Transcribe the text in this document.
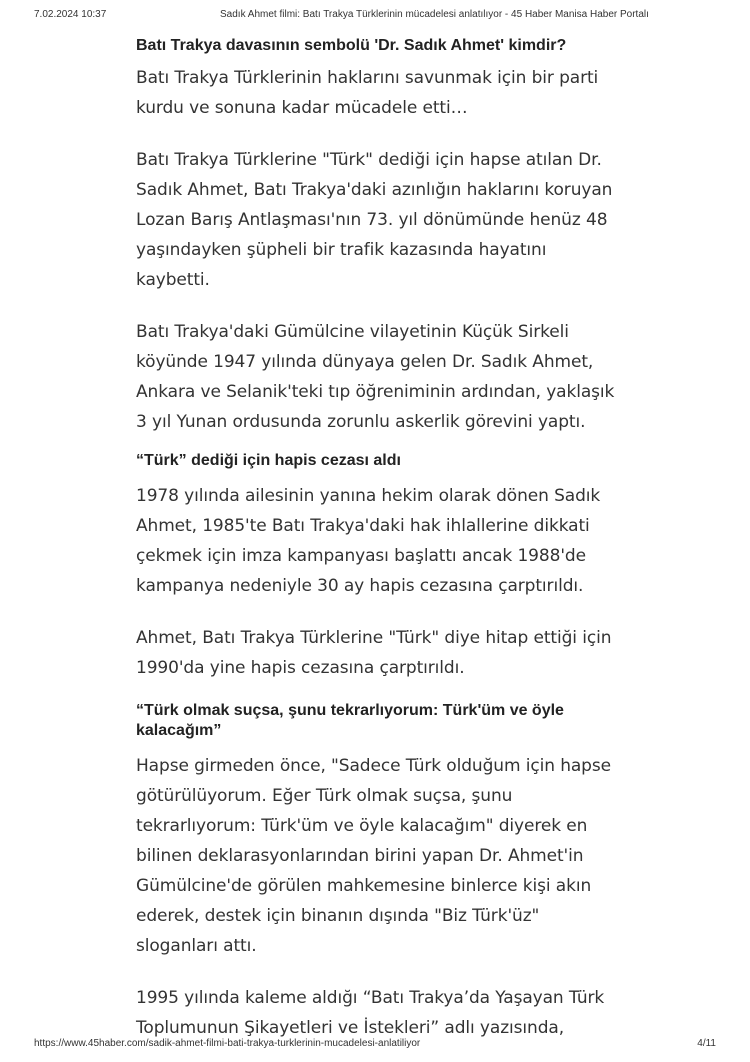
7.02.2024 10:37	Sadık Ahmet filmi: Batı Trakya Türklerinin mücadelesi anlatılıyor - 45 Haber Manisa Haber Portalı
Batı Trakya davasının sembolü 'Dr. Sadık Ahmet' kimdir?

Batı Trakya Türklerinin haklarını savunmak için bir parti kurdu ve sonuna kadar mücadele etti…

Batı Trakya Türklerine "Türk" dediği için hapse atılan Dr. Sadık Ahmet, Batı Trakya'daki azınlığın haklarını koruyan Lozan Barış Antlaşması'nın 73. yıl dönümünde henüz 48 yaşındayken şüpheli bir trafik kazasında hayatını kaybetti.

Batı Trakya'daki Gümülcine vilayetinin Küçük Sirkeli köyünde 1947 yılında dünyaya gelen Dr. Sadık Ahmet, Ankara ve Selanik'teki tıp öğreniminin ardından, yaklaşık 3 yıl Yunan ordusunda zorunlu askerlik görevini yaptı.

“Türk” dediği için hapis cezası aldı

1978 yılında ailesinin yanına hekim olarak dönen Sadık Ahmet, 1985'te Batı Trakya'daki hak ihlallerine dikkati çekmek için imza kampanyası başlattı ancak 1988'de kampanya nedeniyle 30 ay hapis cezasına çarptırıldı.

Ahmet, Batı Trakya Türklerine "Türk" diye hitap ettiği için 1990'da yine hapis cezasına çarptırıldı.

“Türk olmak suçsa, şunu tekrarlıyorum: Türk'üm ve öyle kalacağım”

Hapse girmeden önce, "Sadece Türk olduğum için hapse götürülüyorum. Eğer Türk olmak suçsa, şunu tekrarlıyorum: Türk'üm ve öyle kalacağım" diyerek en bilinen deklarasyonlarından birini yapan Dr. Ahmet'in Gümülcine'de görülen mahkemesine binlerce kişi akın ederek, destek için binanın dışında "Biz Türk'üz" sloganları attı.

1995 yılında kaleme aldığı “Batı Trakya’da Yaşayan Türk Toplumunun Şikayetleri ve İstekleri” adlı yazısında,

https://www.45haber.com/sadik-ahmet-filmi-bati-trakya-turklerinin-mucadelesi-anlatiliyor	4/11
